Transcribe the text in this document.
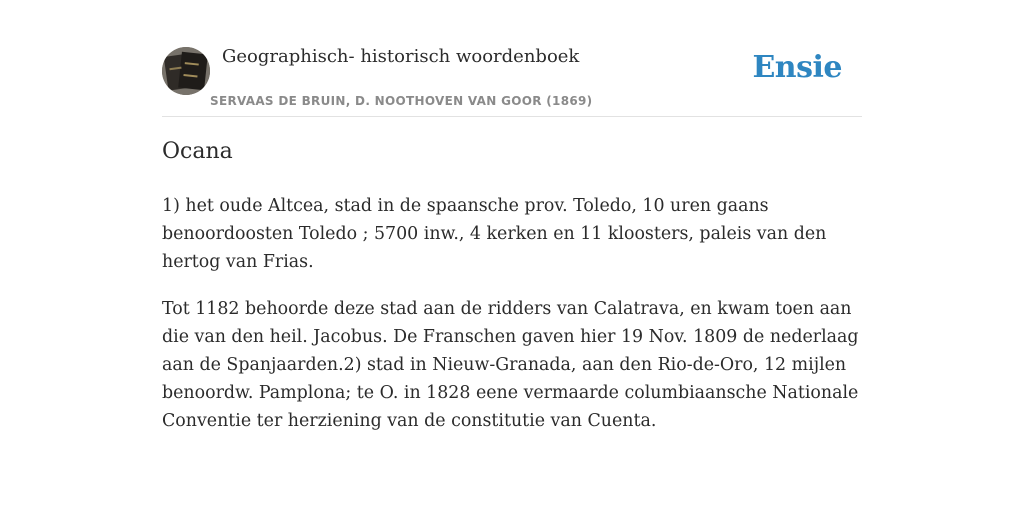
Geographisch- historisch woordenboek
SERVAAS DE BRUIN, D. NOOTHOVEN VAN GOOR (1869)
Ensie
Ocana

1) het oude Altcea, stad in de spaansche prov. Toledo, 10 uren gaans benoordoosten Toledo ; 5700 inw., 4 kerken en 11 kloosters, paleis van den hertog van Frias.

Tot 1182 behoorde deze stad aan de ridders van Calatrava, en kwam toen aan die van den heil. Jacobus. De Franschen gaven hier 19 Nov. 1809 de nederlaag aan de Spanjaarden.2) stad in Nieuw-Granada, aan den Rio-de-Oro, 12 mijlen benoordw. Pamplona; te O. in 1828 eene vermaarde columbiaansche Nationale Conventie ter herziening van de constitutie van Cuenta.
